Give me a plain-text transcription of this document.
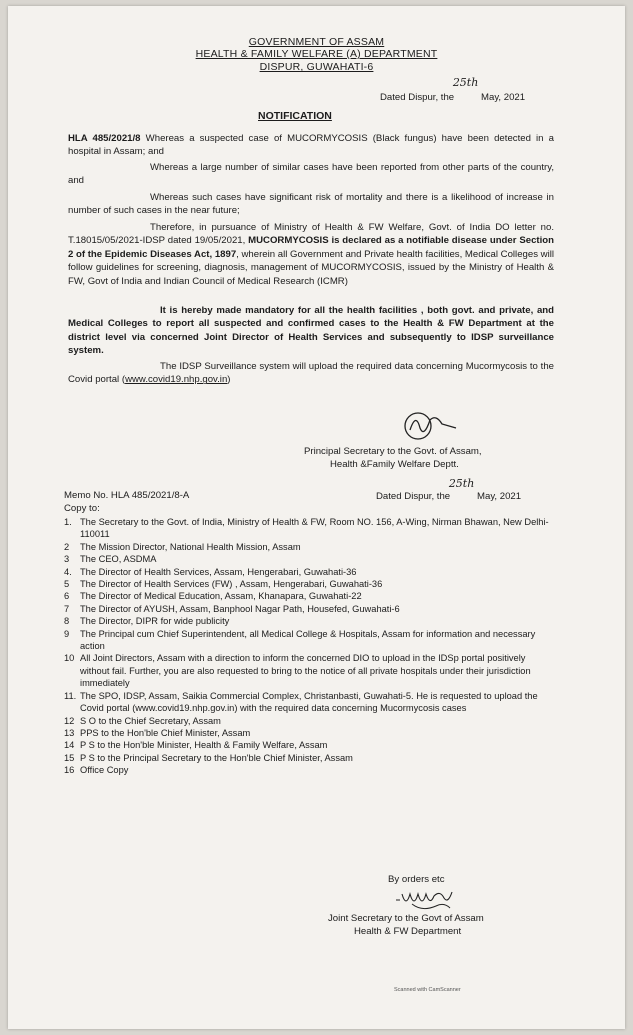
GOVERNMENT OF ASSAM
HEALTH & FAMILY WELFARE (A) DEPARTMENT
DISPUR, GUWAHATI-6
Dated Dispur, the 25th May, 2021
NOTIFICATION
HLA 485/2021/8 Whereas a suspected case of MUCORMYCOSIS (Black fungus) have been detected in a hospital in Assam; and
Whereas a large number of similar cases have been reported from other parts of the country, and
Whereas such cases have significant risk of mortality and there is a likelihood of increase in number of such cases in the near future;
Therefore, in pursuance of Ministry of Health & FW Welfare, Govt. of India DO letter no. T.18015/05/2021-IDSP dated 19/05/2021, MUCORMYCOSIS is declared as a notifiable disease under Section 2 of the Epidemic Diseases Act, 1897, wherein all Government and Private health facilities, Medical Colleges will follow guidelines for screening, diagnosis, management of MUCORMYCOSIS, issued by the Ministry of Health & FW, Govt of India and Indian Council of Medical Research (ICMR)
It is hereby made mandatory for all the health facilities , both govt. and private, and Medical Colleges to report all suspected and confirmed cases to the Health & FW Department at the district level via concerned Joint Director of Health Services and subsequently to IDSP surveillance system.
The IDSP Surveillance system will upload the required data concerning Mucormycosis to the Covid portal (www.covid19.nhp.gov.in)
Principal Secretary to the Govt. of Assam,
Health &Family Welfare Deptt.
Memo No. HLA 485/2021/8-A	Dated Dispur, the 25th May, 2021
Copy to:
1. The Secretary to the Govt. of India, Ministry of Health & FW, Room NO. 156, A-Wing, Nirman Bhawan, New Delhi-110011
2	The Mission Director, National Health Mission, Assam
3	The CEO, ASDMA
4. The Director of Health Services, Assam, Hengerabari, Guwahati-36
5	The Director of Health Services (FW) , Assam, Hengerabari, Guwahati-36
6	The Director of Medical Education, Assam, Khanapara, Guwahati-22
7	The Director of AYUSH, Assam, Banphool Nagar Path, Housefed, Guwahati-6
8	The Director, DIPR for wide publicity
9	The Principal cum Chief Superintendent, all Medical College & Hospitals, Assam for information and necessary action
10 All Joint Directors, Assam with a direction to inform the concerned DIO to upload in the IDSp portal positively without fail. Further, you are also requested to bring to the notice of all private hospitals under their jurisdiction immediately
11. The SPO, IDSP, Assam, Saikia Commercial Complex, Christanbasti, Guwahati-5. He is requested to upload the Covid portal (www.covid19.nhp.gov.in) with the required data concerning Mucormycosis cases
12 S O to the Chief Secretary, Assam
13 PPS to the Hon'ble Chief Minister, Assam
14 P S to the Hon'ble Minister, Health & Family Welfare, Assam
15 P S to the Principal Secretary to the Hon'ble Chief Minister, Assam
16 Office Copy
By orders etc
Joint Secretary to the Govt of Assam
Health & FW Department
Scanned with CamScanner
